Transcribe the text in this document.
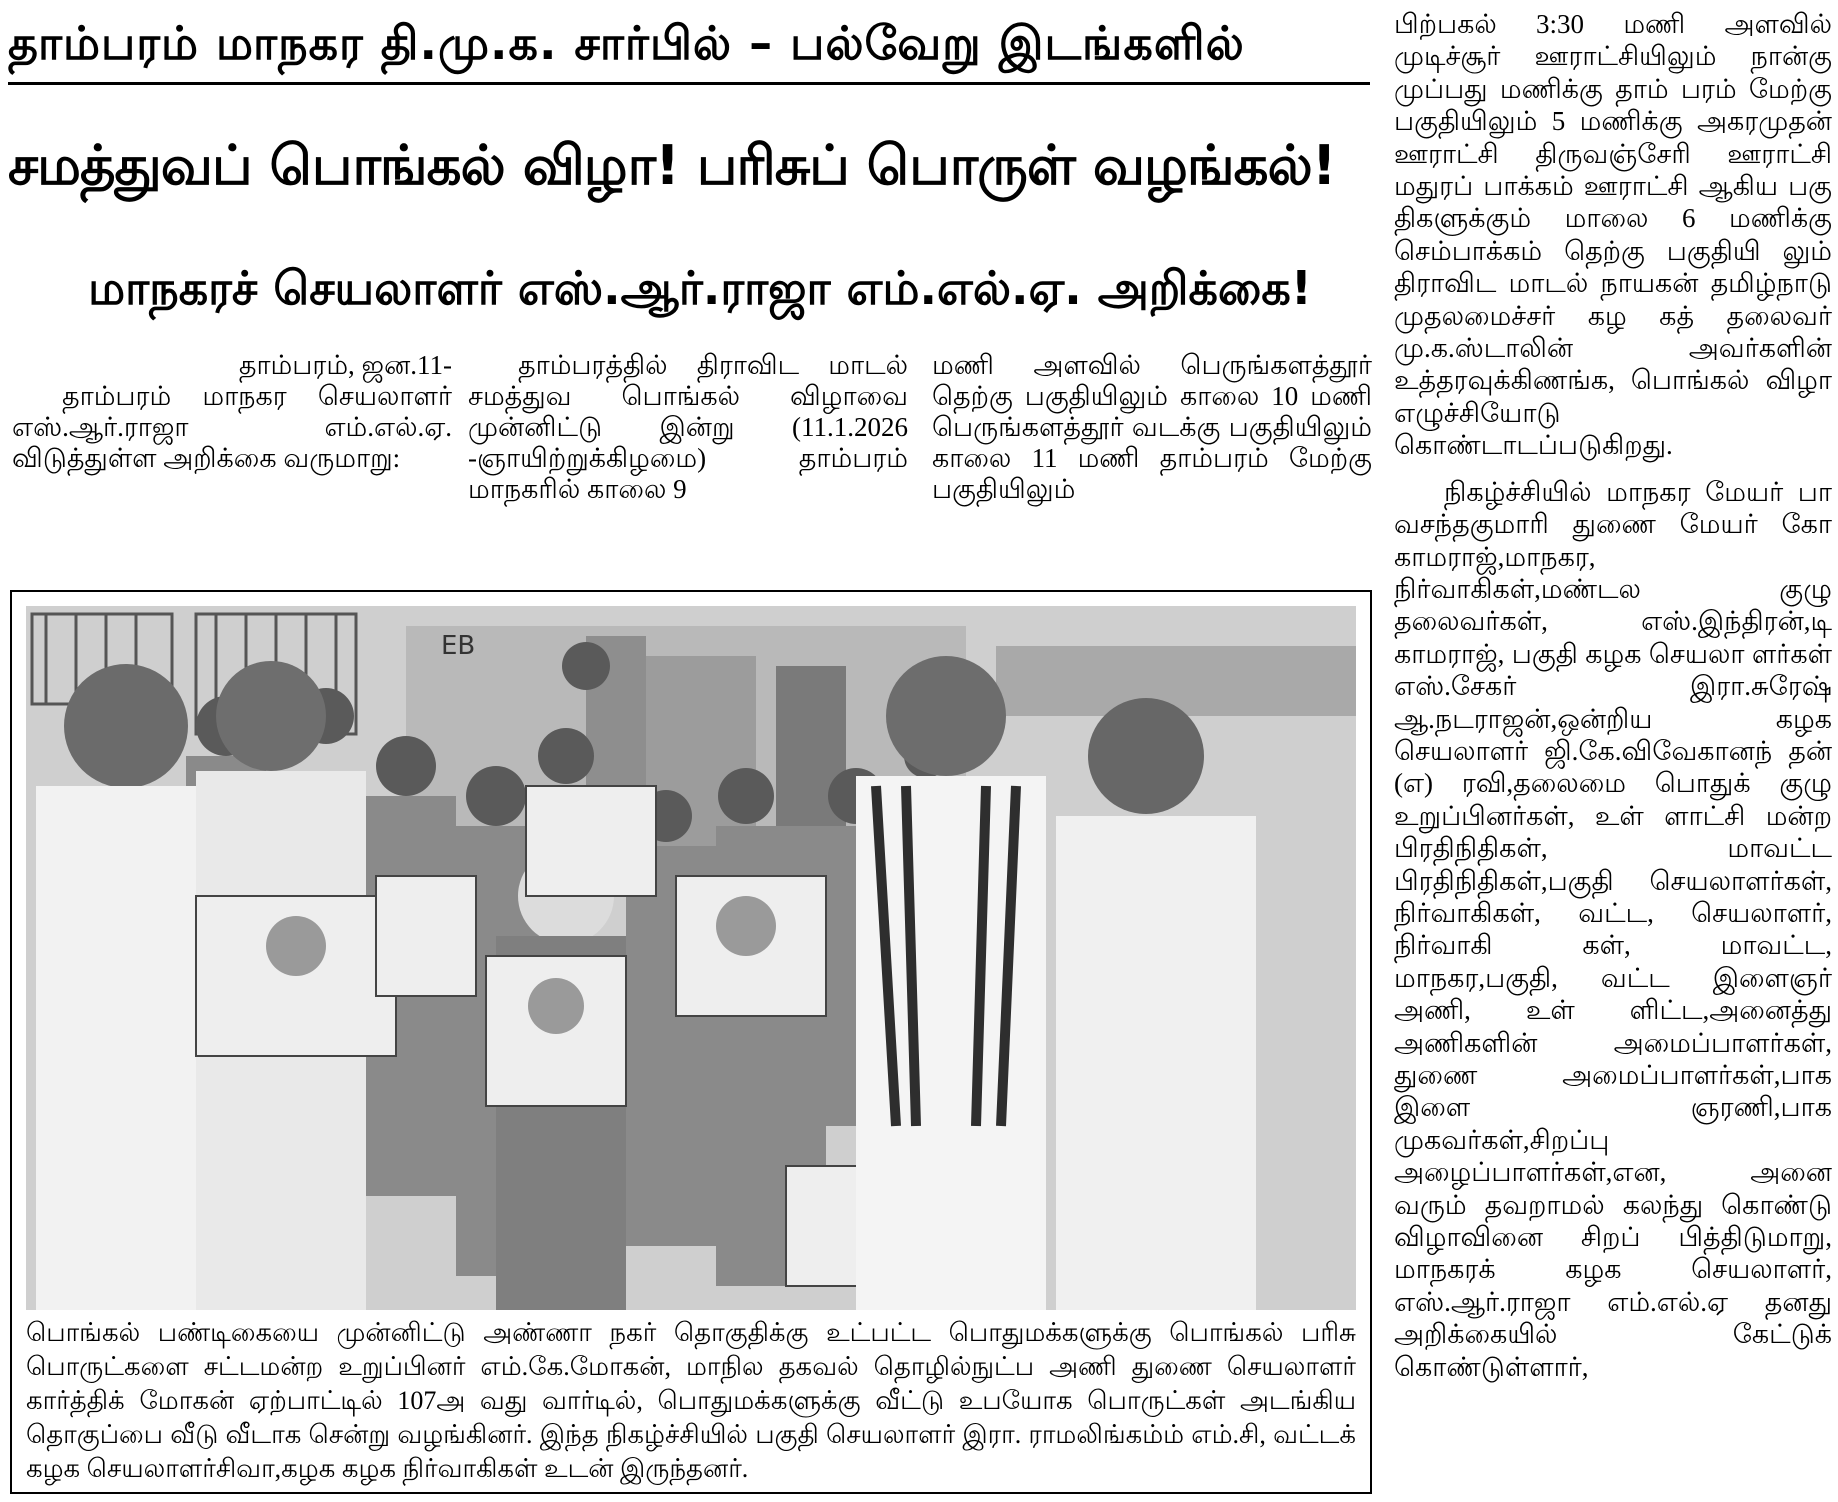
தாம்பரம் மாநகர தி.மு.க. சார்பில் – பல்வேறு இடங்களில்
சமத்துவப் பொங்கல் விழா! பரிசுப் பொருள் வழங்கல்!
மாநகரச் செயலாளர் எஸ்.ஆர்.ராஜா எம்.எல்.ஏ. அறிக்கை!

தாம்பரம், ஜன.11-

தாம்பரம் மாநகர செயலாளர் எஸ்.ஆர்.ராஜா எம்.எல்.ஏ. விடுத்துள்ள அறிக்கை வருமாறு:

தாம்பரத்தில் திராவிட மாடல் சமத்துவ பொங்கல் விழாவை முன்னிட்டு இன்று (11.1.2026 -ஞாயிற்றுக்கிழமை) தாம்பரம் மாநகரில் காலை 9

மணி அளவில் பெருங்களத்தூர் தெற்கு பகுதியிலும் காலை 10 மணி பெருங்களத்தூர் வடக்கு பகுதியிலும் காலை 11 மணி தாம்பரம் மேற்கு பகுதியிலும்

பிற்பகல் 3:30 மணி அளவில் முடிச்சூர் ஊராட்சியிலும் நான்கு முப்பது மணிக்கு தாம் பரம் மேற்கு பகுதியிலும் 5 மணிக்கு அகரமுதன் ஊராட்சி திருவஞ்சேரி ஊராட்சி மதுரப் பாக்கம் ஊராட்சி ஆகிய பகு திகளுக்கும் மாலை 6 மணிக்கு செம்பாக்கம் தெற்கு பகுதியி லும் திராவிட மாடல் நாயகன் தமிழ்நாடு முதலமைச்சர் கழ கத் தலைவர் மு.க.ஸ்டாலின் அவர்களின் உத்தரவுக்கிணங்க, பொங்கல் விழா எழுச்சியோடு கொண்டாடப்படுகிறது.

நிகழ்ச்சியில் மாநகர மேயர் பா வசந்தகுமாரி துணை மேயர் கோ காமராஜ்,மாநகர, நிர்வாகிகள்,மண்டல குழு தலைவர்கள், எஸ்.இந்திரன்,டி காமராஜ், பகுதி கழக செயலா ளர்கள் எஸ்.சேகர் இரா.சுரேஷ் ஆ.நடராஜன்,ஒன்றிய கழக செயலாளர் ஜி.கே.விவேகானந் தன் (எ) ரவி,தலைமை பொதுக் குழு உறுப்பினர்கள், உள் ளாட்சி மன்ற பிரதிநிதிகள், மாவட்ட பிரதிநிதிகள்,பகுதி செயலாளர்கள், நிர்வாகிகள், வட்ட, செயலாளர், நிர்வாகி கள், மாவட்ட, மாநகர,பகுதி, வட்ட இளைஞர் அணி, உள் ளிட்ட,அனைத்து அணிகளின் அமைப்பாளர்கள், துணை அமைப்பாளர்கள்,பாக இளை ஞரணி,பாக முகவர்கள்,சிறப்பு அழைப்பாளர்கள்,என, அனை வரும் தவறாமல் கலந்து கொண்டு விழாவினை சிறப் பித்திடுமாறு, மாநகரக் கழக செயலாளர், எஸ்.ஆர்.ராஜா எம்.எல்.ஏ தனது அறிக்கையில் கேட்டுக் கொண்டுள்ளார்,

EB
பொங்கல் பண்டிகையை முன்னிட்டு அண்ணா நகர் தொகுதிக்கு உட்பட்ட பொதுமக்களுக்கு பொங்கல் பரிசு பொருட்களை சட்டமன்ற உறுப்பினர் எம்.கே.மோகன், மாநில தகவல் தொழில்நுட்ப அணி துணை செயலாளர் கார்த்திக் மோகன் ஏற்பாட்டில் 107அ வது வார்டில், பொதுமக்களுக்கு வீட்டு உபயோக பொருட்கள் அடங்கிய தொகுப்பை வீடு வீடாக சென்று வழங்கினர். இந்த நிகழ்ச்சியில் பகுதி செயலாளர் இரா. ராமலிங்கம்ம் எம்.சி, வட்டக் கழக செயலாளர்சிவா,கழக கழக நிர்வாகிகள் உடன் இருந்தனர்.
